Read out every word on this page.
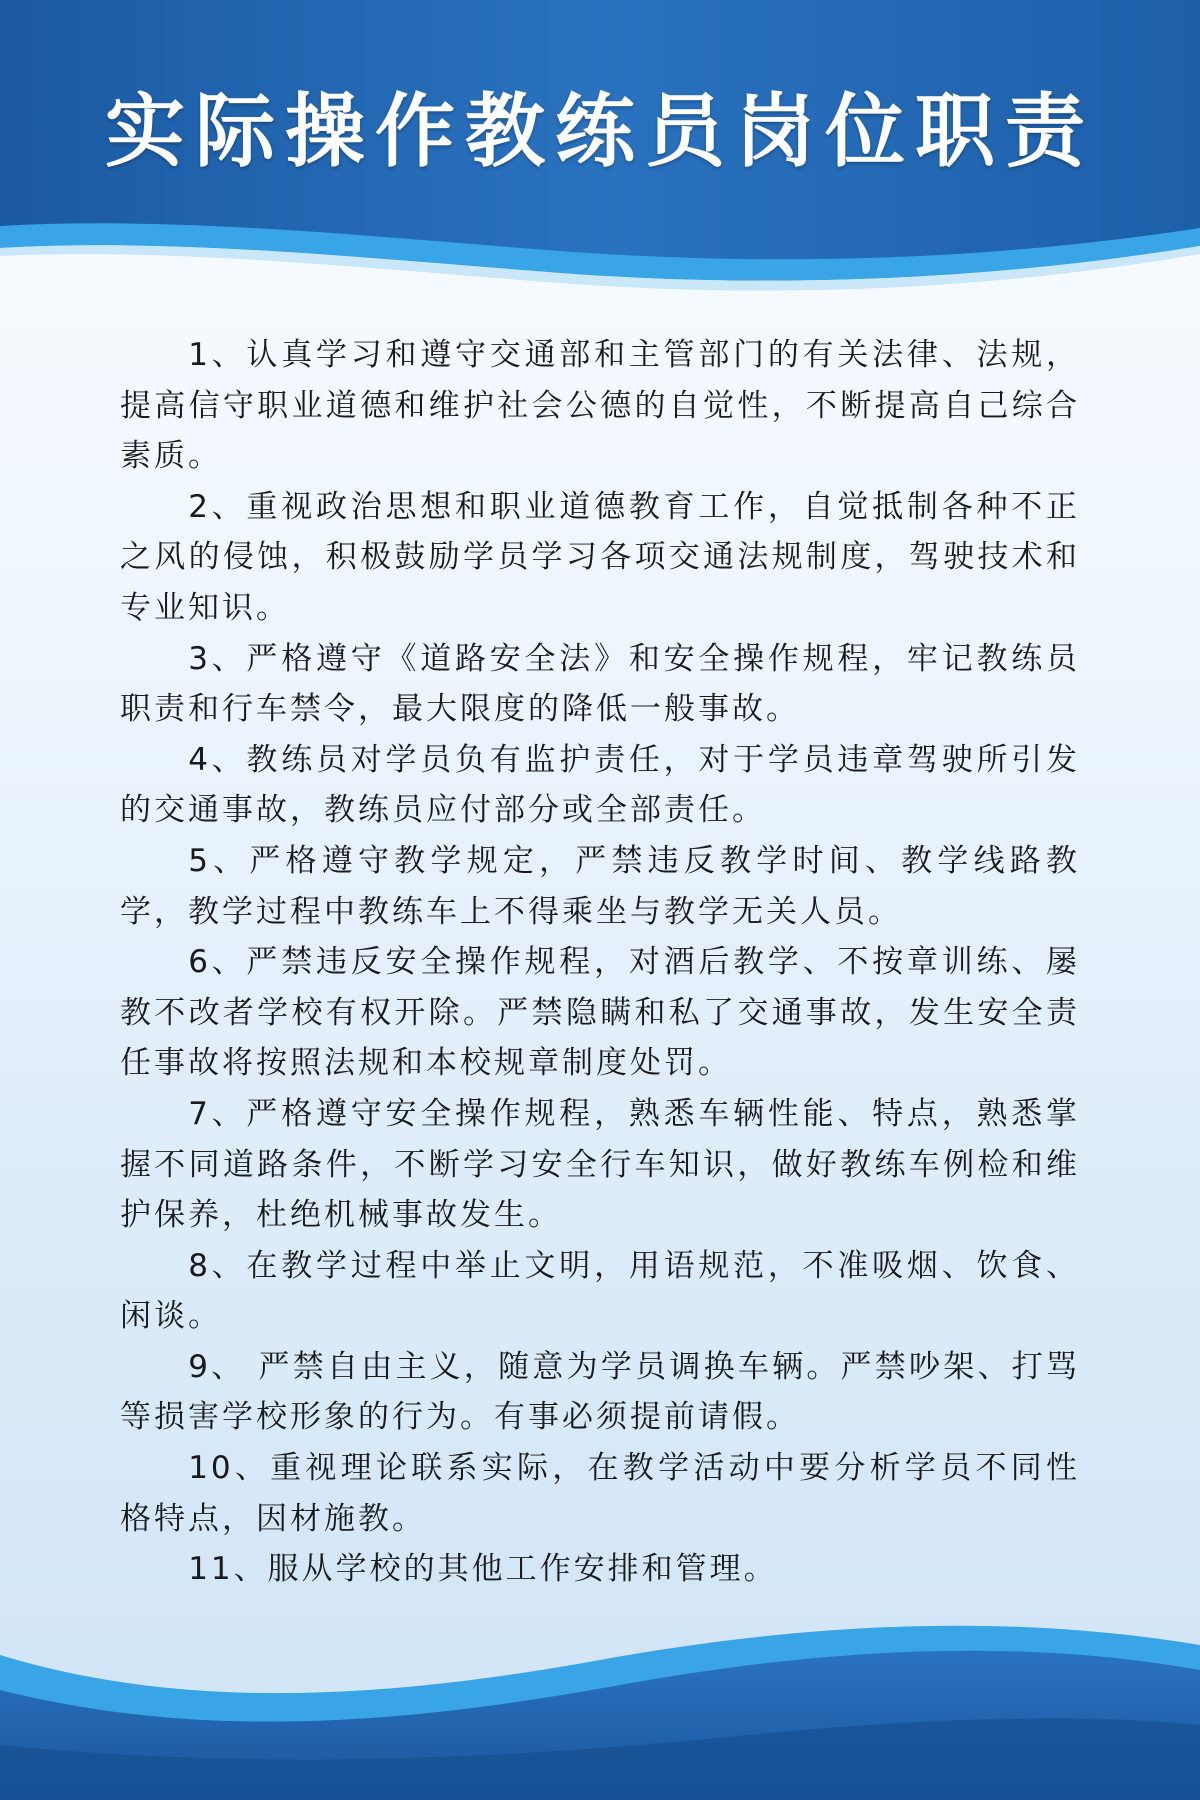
实际操作教练员岗位职责

1、认真学习和遵守交通部和主管部门的有关法律、法规，提高信守职业道德和维护社会公德的自觉性，不断提高自己综合素质。

2、重视政治思想和职业道德教育工作，自觉抵制各种不正之风的侵蚀，积极鼓励学员学习各项交通法规制度，驾驶技术和专业知识。

3、严格遵守《道路安全法》和安全操作规程，牢记教练员职责和行车禁令，最大限度的降低一般事故。

4、教练员对学员负有监护责任，对于学员违章驾驶所引发的交通事故，教练员应付部分或全部责任。

5、严格遵守教学规定，严禁违反教学时间、教学线路教学，教学过程中教练车上不得乘坐与教学无关人员。

6、严禁违反安全操作规程，对酒后教学、不按章训练、屡教不改者学校有权开除。严禁隐瞒和私了交通事故，发生安全责任事故将按照法规和本校规章制度处罚。

7、严格遵守安全操作规程，熟悉车辆性能、特点，熟悉掌握不同道路条件，不断学习安全行车知识，做好教练车例检和维护保养，杜绝机械事故发生。

8、在教学过程中举止文明，用语规范，不准吸烟、饮食、闲谈。

9、 严禁自由主义，随意为学员调换车辆。严禁吵架、打骂等损害学校形象的行为。有事必须提前请假。

10、重视理论联系实际，在教学活动中要分析学员不同性格特点，因材施教。

11、服从学校的其他工作安排和管理。
